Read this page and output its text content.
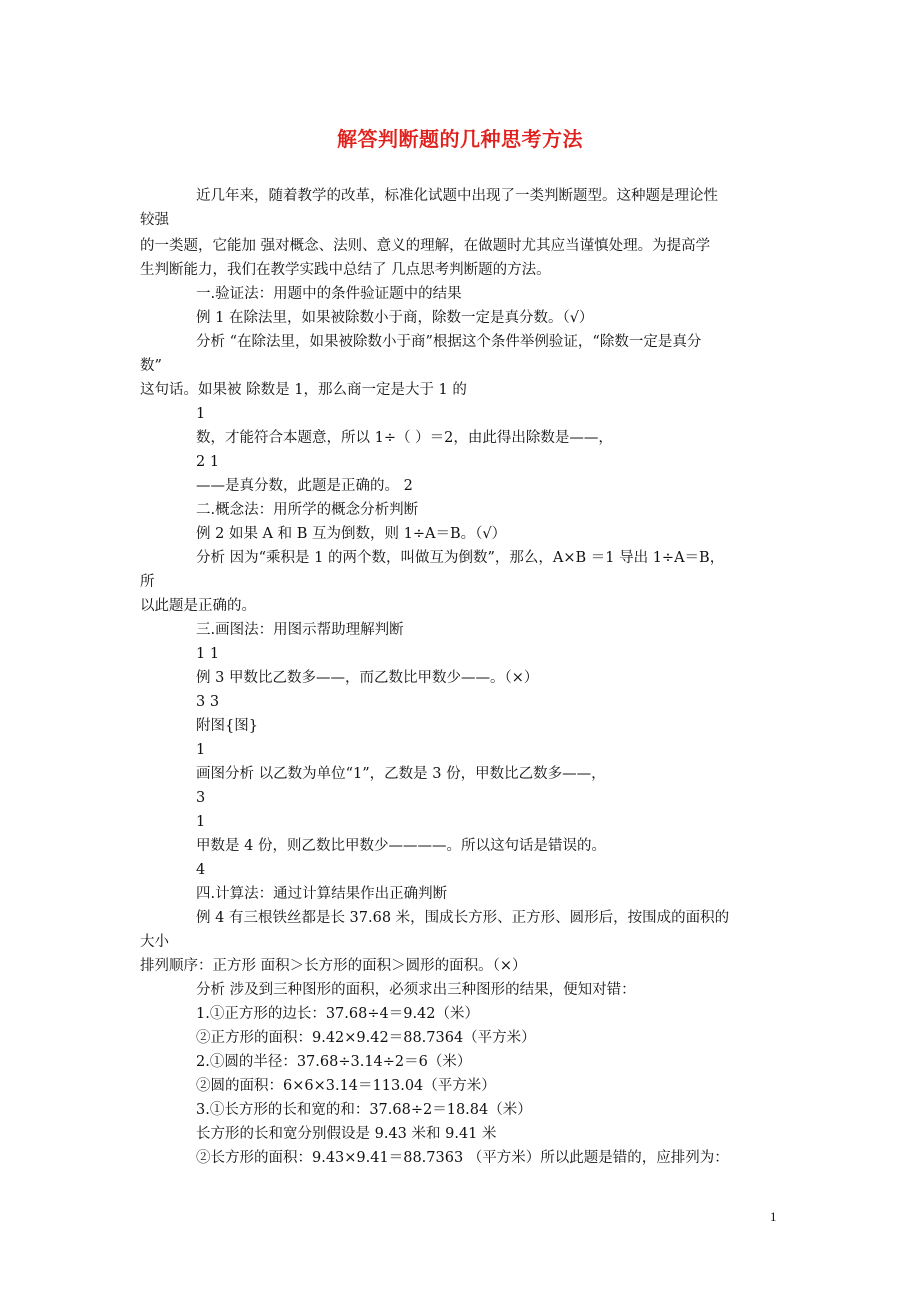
解答判断题的几种思考方法
近几年来，随着教学的改革，标准化试题中出现了一类判断题型。这种题是理论性
较强
的一类题，它能加 强对概念、法则、意义的理解，在做题时尤其应当谨慎处理。为提高学
生判断能力，我们在教学实践中总结了 几点思考判断题的方法。
一.验证法：用题中的条件验证题中的结果
例 1 在除法里，如果被除数小于商，除数一定是真分数。（√）
分析 “在除法里，如果被除数小于商”根据这个条件举例验证，“除数一定是真分
数”
这句话。如果被 除数是 1，那么商一定是大于 1 的
1
数，才能符合本题意，所以 1÷（ ）＝2，由此得出除数是——，
2 1
——是真分数，此题是正确的。 2
二.概念法：用所学的概念分析判断
例 2 如果 A 和 B 互为倒数，则 1÷A＝B。（√）
分析 因为“乘积是 1 的两个数，叫做互为倒数”，那么，A×B ＝1 导出 1÷A＝B，
所
以此题是正确的。
三.画图法：用图示帮助理解判断
1 1
例 3 甲数比乙数多——，而乙数比甲数少——。（×）
3 3
附图{图}
1
画图分析 以乙数为单位“1”，乙数是 3 份，甲数比乙数多——，
3
1
甲数是 4 份，则乙数比甲数少————。所以这句话是错误的。
4
四.计算法：通过计算结果作出正确判断
例 4 有三根铁丝都是长 37.68 米，围成长方形、正方形、圆形后，按围成的面积的
大小
排列顺序：正方形 面积＞长方形的面积＞圆形的面积。（×）
分析 涉及到三种图形的面积，必须求出三种图形的结果，便知对错：
1.①正方形的边长：37.68÷4＝9.42（米）
②正方形的面积：9.42×9.42＝88.7364（平方米）
2.①圆的半径：37.68÷3.14÷2＝6（米）
②圆的面积：6×6×3.14＝113.04（平方米）
3.①长方形的长和宽的和：37.68÷2＝18.84（米）
长方形的长和宽分别假设是 9.43 米和 9.41 米
②长方形的面积：9.43×9.41＝88.7363 （平方米）所以此题是错的，应排列为：
1
